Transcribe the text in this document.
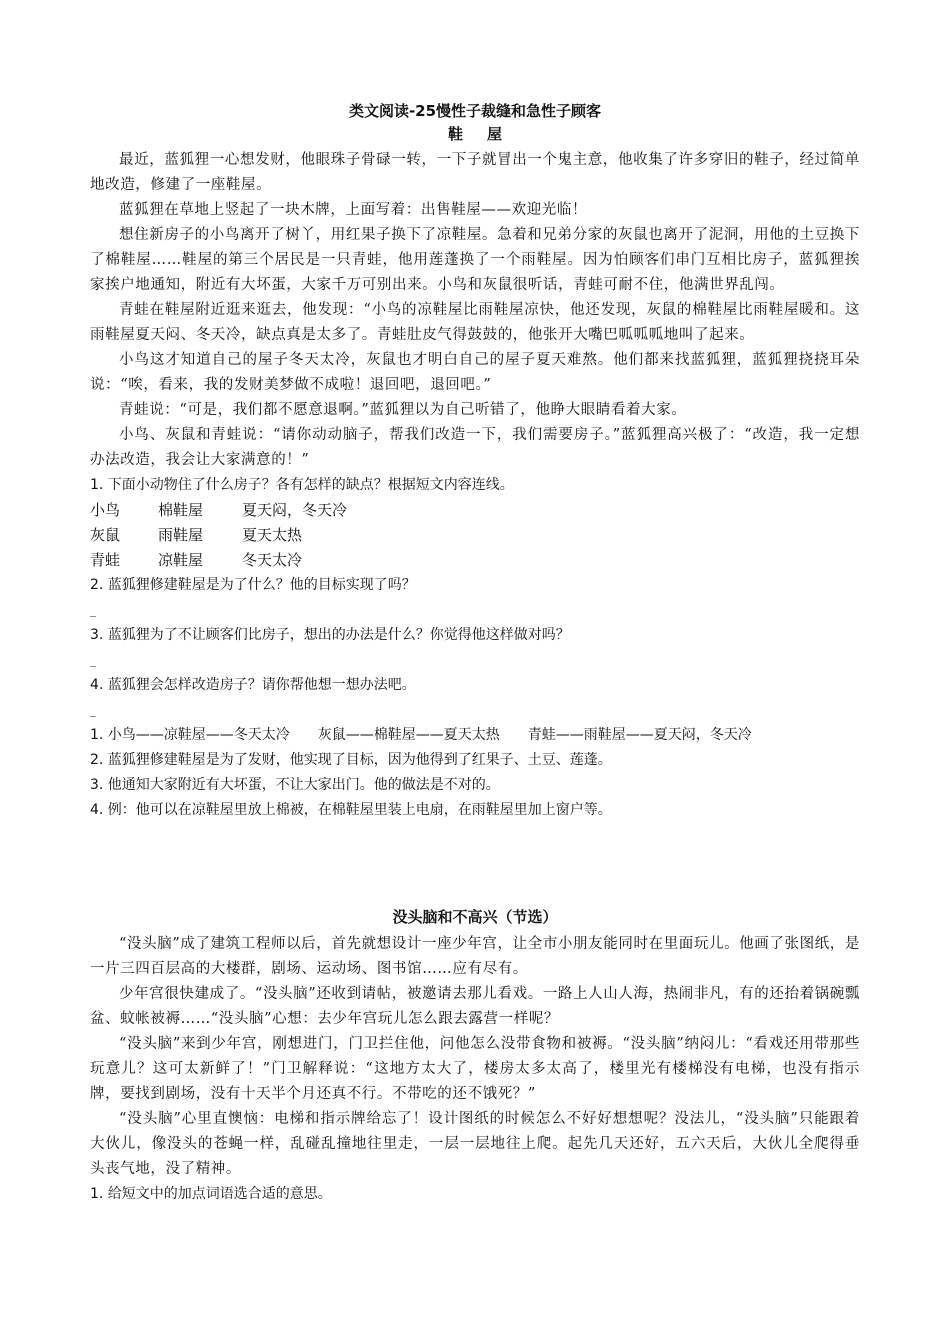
类文阅读-25慢性子裁缝和急性子顾客
鞋屋

最近，蓝狐狸一心想发财，他眼珠子骨碌一转，一下子就冒出一个鬼主意，他收集了许多穿旧的鞋子，经过简单地改造，修建了一座鞋屋。

蓝狐狸在草地上竖起了一块木牌，上面写着：出售鞋屋——欢迎光临！

想住新房子的小鸟离开了树丫，用红果子换下了凉鞋屋。急着和兄弟分家的灰鼠也离开了泥洞，用他的土豆换下了棉鞋屋……鞋屋的第三个居民是一只青蛙，他用莲蓬换了一个雨鞋屋。因为怕顾客们串门互相比房子，蓝狐狸挨家挨户地通知，附近有大坏蛋，大家千万可别出来。小鸟和灰鼠很听话，青蛙可耐不住，他满世界乱闯。

青蛙在鞋屋附近逛来逛去，他发现：“小鸟的凉鞋屋比雨鞋屋凉快，他还发现，灰鼠的棉鞋屋比雨鞋屋暖和。这雨鞋屋夏天闷、冬天冷，缺点真是太多了。青蛙肚皮气得鼓鼓的，他张开大嘴巴呱呱呱地叫了起来。

小鸟这才知道自己的屋子冬天太冷，灰鼠也才明白自己的屋子夏天难熬。他们都来找蓝狐狸，蓝狐狸挠挠耳朵说：“唉，看来，我的发财美梦做不成啦！退回吧，退回吧。”

青蛙说：“可是，我们都不愿意退啊。”蓝狐狸以为自己听错了，他睁大眼睛看着大家。

小鸟、灰鼠和青蛙说：“请你动动脑子，帮我们改造一下，我们需要房子。”蓝狐狸高兴极了：“改造，我一定想办法改造，我会让大家满意的！”

1. 下面小动物住了什么房子？各有怎样的缺点？根据短文内容连线。

小鸟	棉鞋屋	夏天闷，冬天冷
灰鼠	雨鞋屋	夏天太热
青蛙	凉鞋屋	冬天太冷

2. 蓝狐狸修建鞋屋是为了什么？他的目标实现了吗？

_

3. 蓝狐狸为了不让顾客们比房子，想出的办法是什么？你觉得他这样做对吗？

_

4. 蓝狐狸会怎样改造房子？请你帮他想一想办法吧。

_

1. 小鸟——凉鞋屋——冬天太冷　　灰鼠——棉鞋屋——夏天太热　　青蛙——雨鞋屋——夏天闷，冬天冷

2. 蓝狐狸修建鞋屋是为了发财，他实现了目标，因为他得到了红果子、土豆、莲蓬。

3. 他通知大家附近有大坏蛋，不让大家出门。他的做法是不对的。

4. 例：他可以在凉鞋屋里放上棉被，在棉鞋屋里装上电扇，在雨鞋屋里加上窗户等。

没头脑和不高兴（节选）

“没头脑”成了建筑工程师以后，首先就想设计一座少年宫，让全市小朋友能同时在里面玩儿。他画了张图纸，是一片三四百层高的大楼群，剧场、运动场、图书馆……应有尽有。

少年宫很快建成了。“没头脑”还收到请帖，被邀请去那儿看戏。一路上人山人海，热闹非凡，有的还抬着锅碗瓢盆、蚊帐被褥……“没头脑”心想：去少年宫玩儿怎么跟去露营一样呢？

“没头脑”来到少年宫，刚想进门，门卫拦住他，问他怎么没带食物和被褥。“没头脑”纳闷儿：“看戏还用带那些玩意儿？这可太新鲜了！”门卫解释说：“这地方太大了，楼房太多太高了，楼里光有楼梯没有电梯，也没有指示牌，要找到剧场，没有十天半个月还真不行。不带吃的还不饿死？”

“没头脑”心里直懊恼：电梯和指示牌给忘了！设计图纸的时候怎么不好好想想呢？没法儿，“没头脑”只能跟着大伙儿，像没头的苍蝇一样，乱碰乱撞地往里走，一层一层地往上爬。起先几天还好，五六天后，大伙儿全爬得垂头丧气地，没了精神。

1. 给短文中的加点词语选合适的意思。
